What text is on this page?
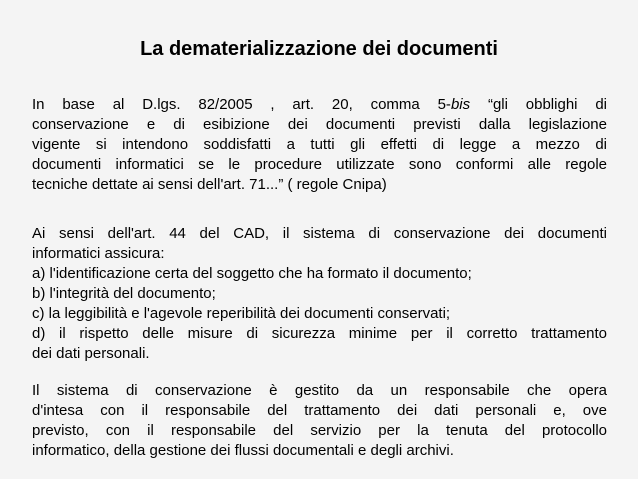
La dematerializzazione dei documenti
In base al D.lgs. 82/2005 , art. 20, comma 5-bis “gli obblighi di
conservazione e di esibizione dei documenti previsti dalla legislazione
vigente si intendono soddisfatti a tutti gli effetti di legge a mezzo di
documenti informatici se le procedure utilizzate sono conformi alle regole
tecniche dettate ai sensi dell'art. 71...” ( regole Cnipa)
Ai sensi dell'art. 44 del CAD, il sistema di conservazione dei documenti
informatici assicura:
a) l'identificazione certa del soggetto che ha formato il documento;
b) l'integrità del documento;
c) la leggibilità e l'agevole reperibilità dei documenti conservati;
d) il rispetto delle misure di sicurezza minime per il corretto trattamento
dei dati personali.
Il sistema di conservazione è gestito da un responsabile che opera
d'intesa con il responsabile del trattamento dei dati personali e, ove
previsto, con il responsabile del servizio per la tenuta del protocollo
informatico, della gestione dei flussi documentali e degli archivi.
